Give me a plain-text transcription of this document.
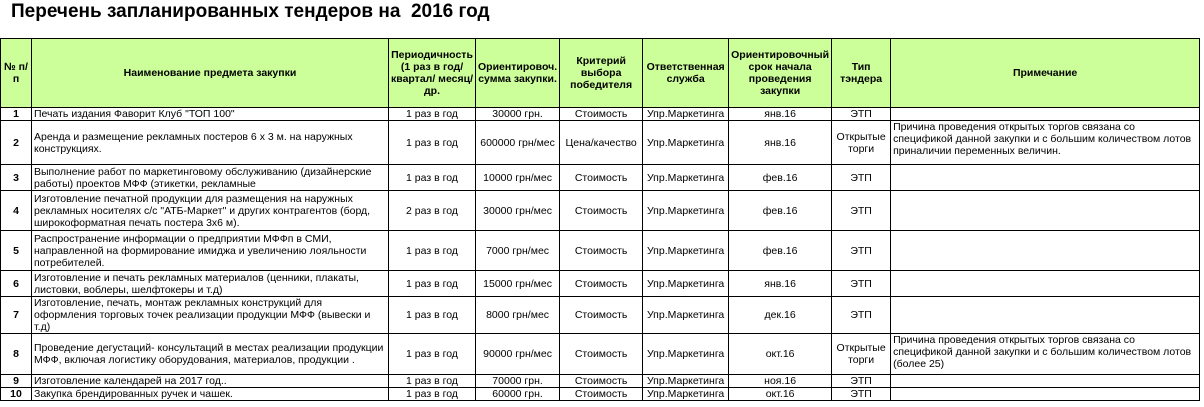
Перечень запланированных тендеров на  2016 год
№ п/п	Наименование предмета закупки	Периодичность (1 раз в год/ квартал/ месяц/ др.	Ориентировоч. сумма закупки.	Критерий выбора победителя	Ответственная служба	Ориентировочный срок начала проведения закупки	Тип тэндера	Примечание
1	Печать издания Фаворит Клуб "ТОП 100"	1 раз в год	30000 грн.	Стоимость	Упр.Маркетинга	янв.16	ЭТП	
2	Аренда и размещение рекламных постеров 6 х 3 м. на наружных конструкциях.	1 раз в год	600000 грн/мес	Цена/качество	Упр.Маркетинга	янв.16	Открытые торги	Причина проведения открытых торгов связана со спецификой данной закупки и с большим количеством лотов приналичии переменных величин.
3	Выполнение работ по маркетинговому обслуживанию (дизайнерские работы) проектов МФФ (этикетки, рекламные	1 раз в год	10000 грн/мес	Стоимость	Упр.Маркетинга	фев.16	ЭТП	
4	Изготовление печатной продукции для размещения на наружных рекламных носителях с/с "АТБ-Маркет" и других контрагентов (борд, широкоформатная печать постера 3х6 м).	2 раз в год	30000 грн/мес	Стоимость	Упр.Маркетинга	фев.16	ЭТП	
5	Распространение информации о предприятии МФФп в СМИ, направленной на формирование имиджа и увеличению лояльности потребителей.	1 раз в год	7000 грн/мес	Стоимость	Упр.Маркетинга	фев.16	ЭТП	
6	Изготовление и печать рекламных материалов (ценники, плакаты, листовки, воблеры, шелфтокеры и т.д)	1 раз в год	15000 грн/мес	Стоимость	Упр.Маркетинга	янв.16	ЭТП	
7	Изготовление, печать, монтаж рекламных конструкций для оформления торговых точек реализации продукции МФФ (вывески и т.д)	1 раз в год	8000 грн/мес	Стоимость	Упр.Маркетинга	дек.16	ЭТП	
8	Проведение дегустаций- консультаций в местах реализации продукции МФФ, включая логистику оборудования, материалов, продукции .	1 раз в год	90000 грн/мес	Стоимость	Упр.Маркетинга	окт.16	Открытые торги	Причина проведения открытых торгов связана со спецификой данной закупки и с большим количеством лотов (более 25)
9	Изготовление календарей на 2017 год..	1 раз в год	70000 грн.	Стоимость	Упр.Маркетинга	ноя.16	ЭТП	
10	Закупка брендированных ручек и чашек.	1 раз в год	60000 грн.	Стоимость	Упр.Маркетинга	окт.16	ЭТП	
